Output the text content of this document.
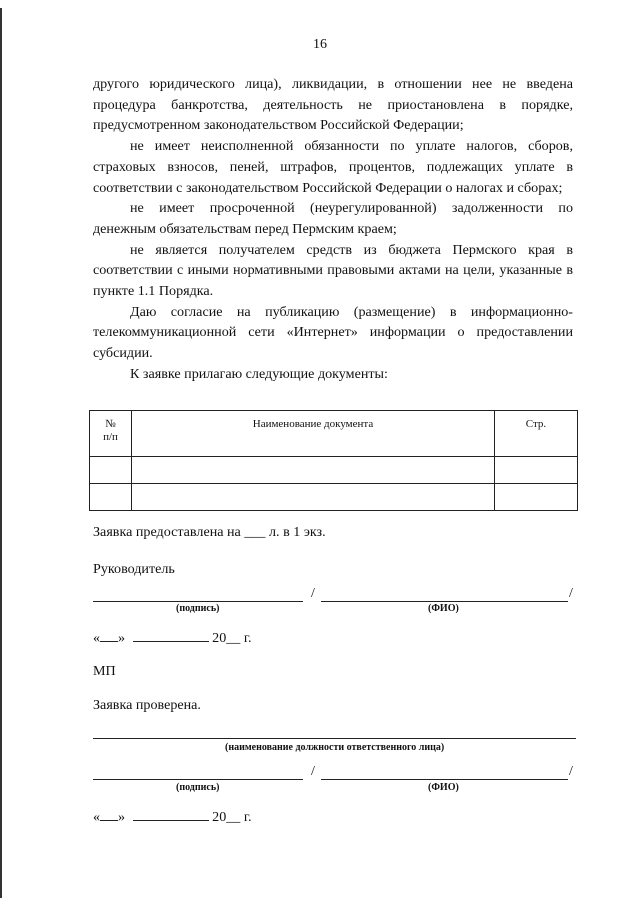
16

другого юридического лица), ликвидации, в отношении нее не введена процедура банкротства, деятельность не приостановлена в порядке, предусмотренном законодательством Российской Федерации;

не имеет неисполненной обязанности по уплате налогов, сборов, страховых взносов, пеней, штрафов, процентов, подлежащих уплате в соответствии с законодательством Российской Федерации о налогах и сборах;

не имеет просроченной (неурегулированной) задолженности по денежным обязательствам перед Пермским краем;

не является получателем средств из бюджета Пермского края в соответствии с иными нормативными правовыми актами на цели, указанные в пункте 1.1 Порядка.

Даю согласие на публикацию (размещение) в информационно-телекоммуникационной сети «Интернет» информации о предоставлении субсидии.

К заявке прилагаю следующие документы:

№
п/п	Наименование документа	Стр.

Заявка предоставлена на ___ л. в 1 экз.
Руководитель
/	/
(подпись)	(ФИО)
« »	20__ г.
МП
Заявка проверена.
(наименование должности ответственного лица)
/	/
(подпись)	(ФИО)
« »	20__ г.
